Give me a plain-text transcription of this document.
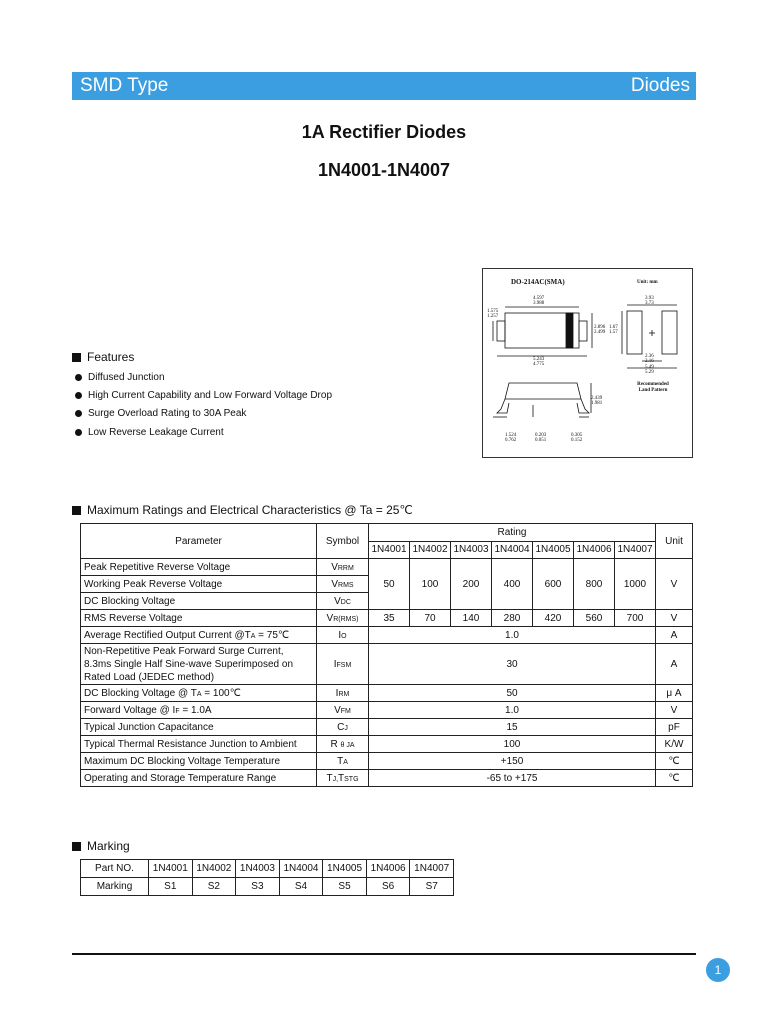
SMD Type	Diodes
1A Rectifier Diodes
1N4001-1N4007
DO-214AC(SMA)	Unit: mm
4.597
3.988
1.575
1.257
2.896
2.499
1.67
1.57
3.93
3.73
5.243
4.775
2.36
2.16
5.49
5.29
2.439
1.981
1.524
0.762
0.203
0.051
0.305
0.152
Recommended Land Pattern
Features
Diffused Junction
High Current Capability and Low Forward Voltage Drop
Surge Overload Rating to 30A Peak
Low Reverse Leakage Current
Maximum Ratings and Electrical Characteristics @ Ta = 25℃
Parameter	Symbol	Rating							Unit
		1N4001	1N4002	1N4003	1N4004	1N4005	1N4006	1N4007	
Peak Repetitive Reverse Voltage	VRRM	50	100	200	400	600	800	1000	V
Working Peak Reverse Voltage	VRMS								
DC Blocking Voltage	VDC								
RMS Reverse Voltage	VR(RMS)	35	70	140	280	420	560	700	V
Average Rectified Output Current @TA = 75℃	IO	1.0							A

Non-Repetitive Peak Forward Surge Current,
8.3ms Single Half Sine-wave Superimposed on
Rated Load (JEDEC method)	IFSM	30							A
DC Blocking Voltage @ TA = 100℃	IRM	50							μ A
Forward Voltage @ IF = 1.0A	VFM	1.0							V
Typical Junction Capacitance	CJ	15							pF
Typical Thermal Resistance Junction to Ambient	R θ JA	100							K/W
Maximum DC Blocking Voltage Temperature	TA	+150							℃
Operating and Storage Temperature Range	TJ,TSTG	-65 to +175							℃
Marking
Part NO.	1N4001	1N4002	1N4003	1N4004	1N4005	1N4006	1N4007
Marking	S1	S2	S3	S4	S5	S6	S7
1
